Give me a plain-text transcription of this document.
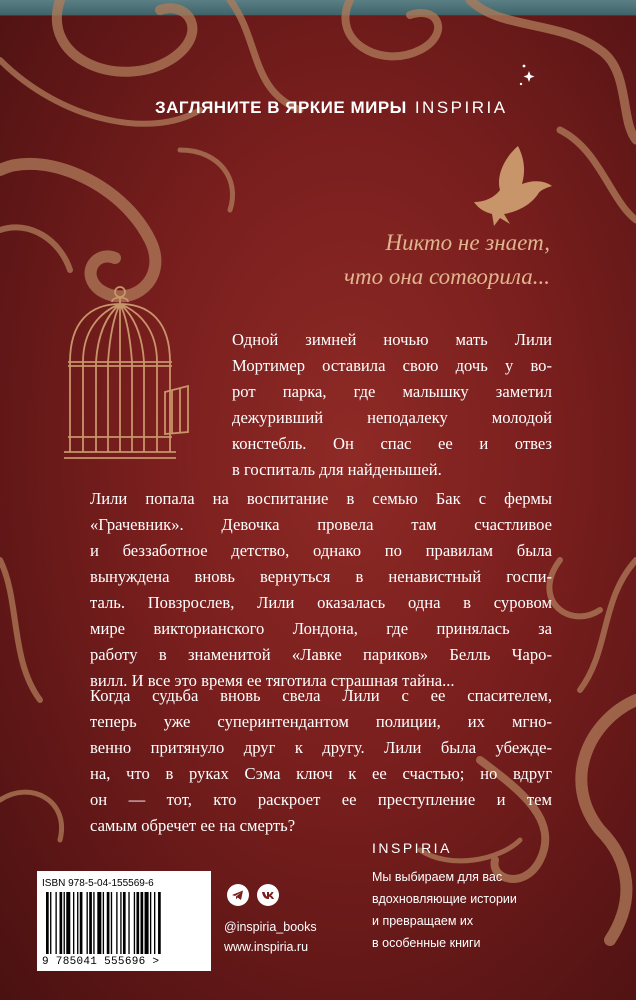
ЗАГЛЯНИТЕ В ЯРКИЕ МИРЫ INSPIRIA
Никто не знает,
что она сотворила...
Одной зимней ночью мать Лили
Мортимер оставила свою дочь у во-
рот парка, где малышку заметил
дежуривший неподалеку молодой
констебль. Он спас ее и отвез
в госпиталь для найденышей.
Лили попала на воспитание в семью Бак с фермы
«Грачевник». Девочка провела там счастливое
и беззаботное детство, однако по правилам была
вынуждена вновь вернуться в ненавистный госпи-
таль. Повзрослев, Лили оказалась одна в суровом
мире викторианского Лондона, где принялась за
работу в знаменитой «Лавке париков» Белль Чаро-
вилл. И все это время ее тяготила страшная тайна...
Когда судьба вновь свела Лили с ее спасителем,
теперь уже суперинтендантом полиции, их мгно-
венно притянуло друг к другу. Лили была убежде-
на, что в руках Сэма ключ к ее счастью; но вдруг
он — тот, кто раскроет ее преступление и тем
самым обречет ее на смерть?
ISBN 978-5-04-155569-6
9 785041 555696 >
@inspiria_books
www.inspiria.ru
INSPIRIA
Мы выбираем для вас
вдохновляющие истории
и превращаем их
в особенные книги
